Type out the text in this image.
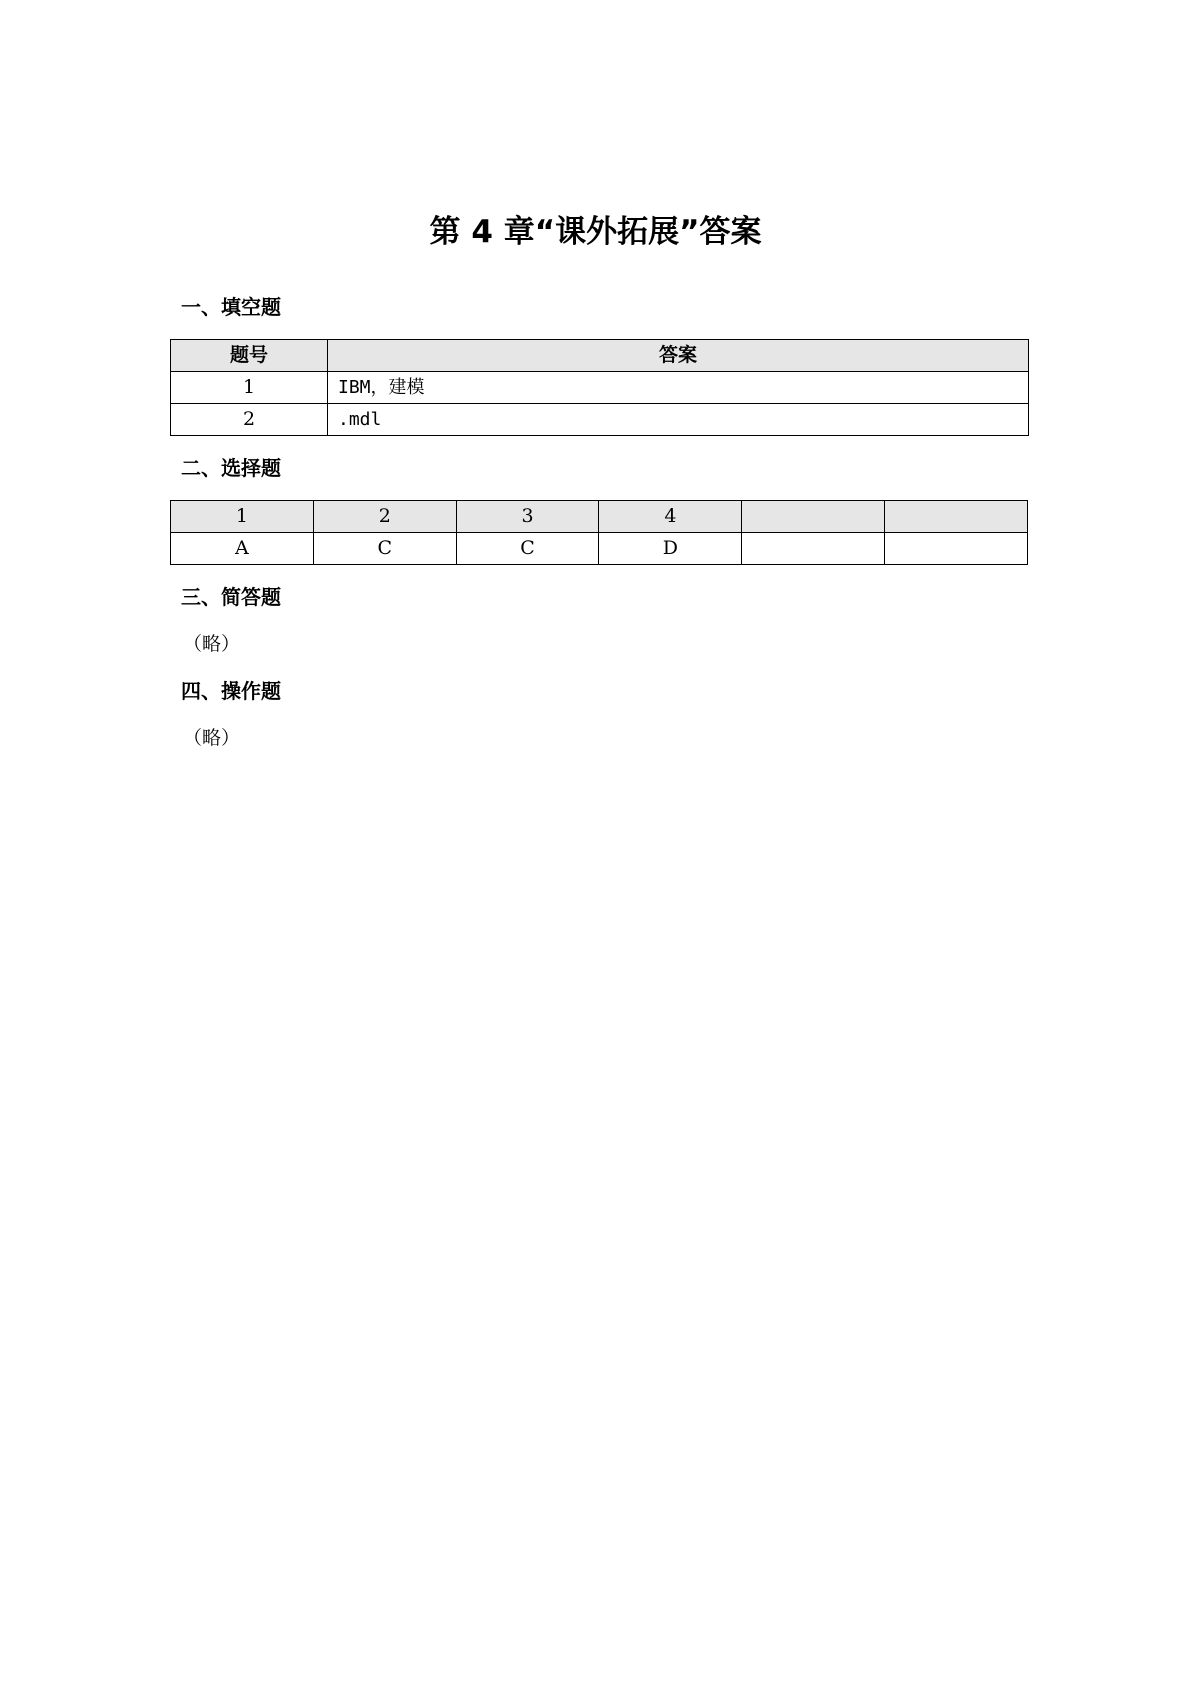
第 4 章“课外拓展”答案
一、填空题
题号	答案
1	IBM，建模
2	.mdl
二、选择题
1	2	3	4		
A	C	C	D		
三、简答题

（略）

四、操作题

（略）
